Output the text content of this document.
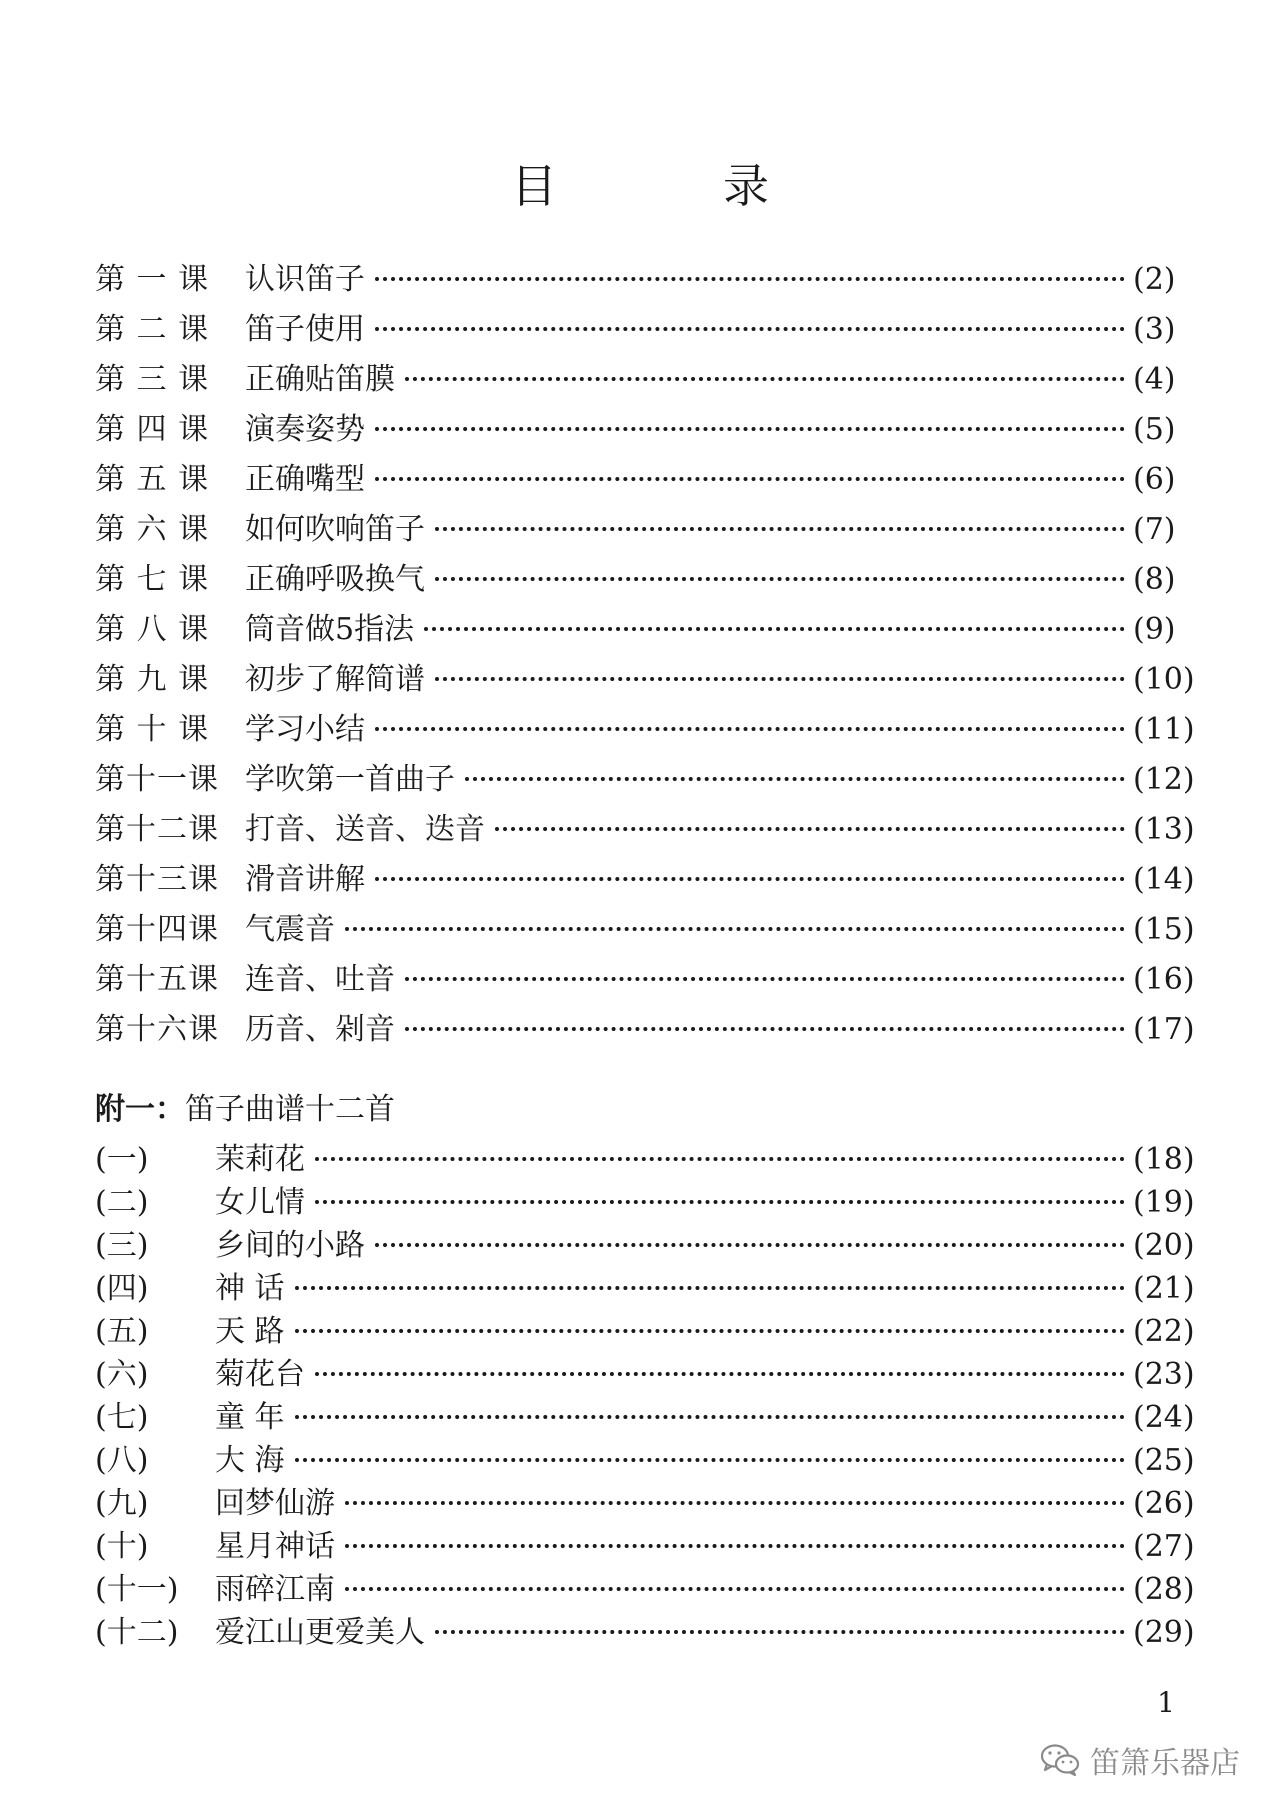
目　录
第 一 课	认识笛子	(2)
第 二 课	笛子使用	(3)
第 三 课	正确贴笛膜	(4)
第 四 课	演奏姿势	(5)
第 五 课	正确嘴型	(6)
第 六 课	如何吹响笛子	(7)
第 七 课	正确呼吸换气	(8)
第 八 课	筒音做5指法	(9)
第 九 课	初步了解简谱	(10)
第 十 课	学习小结	(11)
第十一课 学吹第一首曲子	(12)
第十二课 打音、送音、迭音	(13)
第十三课 滑音讲解	(14)
第十四课 气震音	(15)
第十五课 连音、吐音	(16)
第十六课 历音、剁音	(17)
附一：笛子曲谱十二首
(一)	茉莉花	(18)
(二)	女儿情	(19)
(三)	乡间的小路	(20)
(四)	神 话	(21)
(五)	天 路	(22)
(六)	菊花台	(23)
(七)	童 年	(24)
(八)	大 海	(25)
(九)	回梦仙游	(26)
(十)	星月神话	(27)
(十一)	雨碎江南	(28)
(十二)	爱江山更爱美人	(29)
1
笛箫乐器店
